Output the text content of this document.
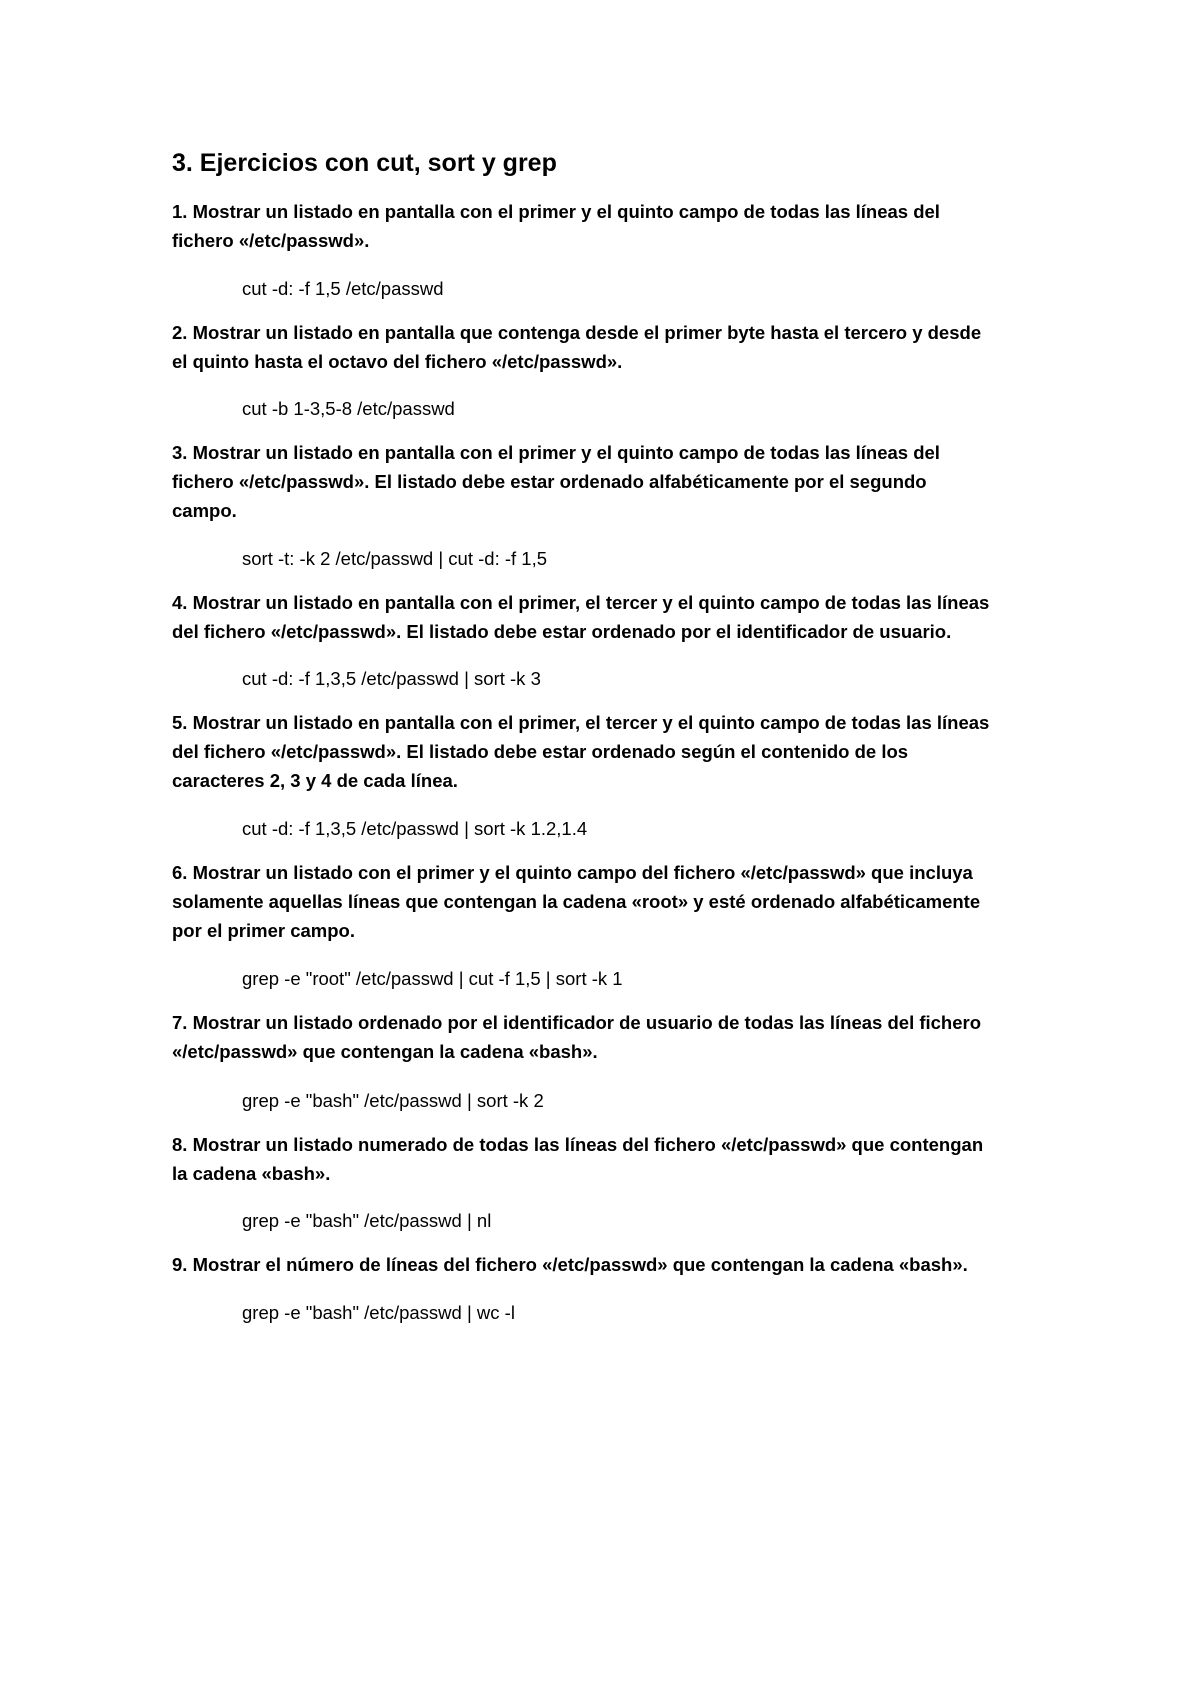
3. Ejercicios con cut, sort y grep
1. Mostrar un listado en pantalla con el primer y el quinto campo de todas las líneas del
fichero «/etc/passwd».
cut -d: -f 1,5 /etc/passwd
2. Mostrar un listado en pantalla que contenga desde el primer byte hasta el tercero y desde
el quinto hasta el octavo del fichero «/etc/passwd».
cut -b 1-3,5-8 /etc/passwd
3. Mostrar un listado en pantalla con el primer y el quinto campo de todas las líneas del
fichero «/etc/passwd». El listado debe estar ordenado alfabéticamente por el segundo
campo.
sort -t: -k 2 /etc/passwd | cut -d: -f 1,5
4. Mostrar un listado en pantalla con el primer, el tercer y el quinto campo de todas las líneas
del fichero «/etc/passwd». El listado debe estar ordenado por el identificador de usuario.
cut -d: -f 1,3,5 /etc/passwd | sort -k 3
5. Mostrar un listado en pantalla con el primer, el tercer y el quinto campo de todas las líneas
del fichero «/etc/passwd». El listado debe estar ordenado según el contenido de los
caracteres 2, 3 y 4 de cada línea.
cut -d: -f 1,3,5 /etc/passwd | sort -k 1.2,1.4
6. Mostrar un listado con el primer y el quinto campo del fichero «/etc/passwd» que incluya
solamente aquellas líneas que contengan la cadena «root» y esté ordenado alfabéticamente
por el primer campo.
grep -e "root" /etc/passwd | cut -f 1,5 | sort -k 1
7. Mostrar un listado ordenado por el identificador de usuario de todas las líneas del fichero
«/etc/passwd» que contengan la cadena «bash».
grep -e "bash" /etc/passwd | sort -k 2
8. Mostrar un listado numerado de todas las líneas del fichero «/etc/passwd» que contengan
la cadena «bash».
grep -e "bash" /etc/passwd | nl
9. Mostrar el número de líneas del fichero «/etc/passwd» que contengan la cadena «bash».
grep -e "bash" /etc/passwd | wc -l
